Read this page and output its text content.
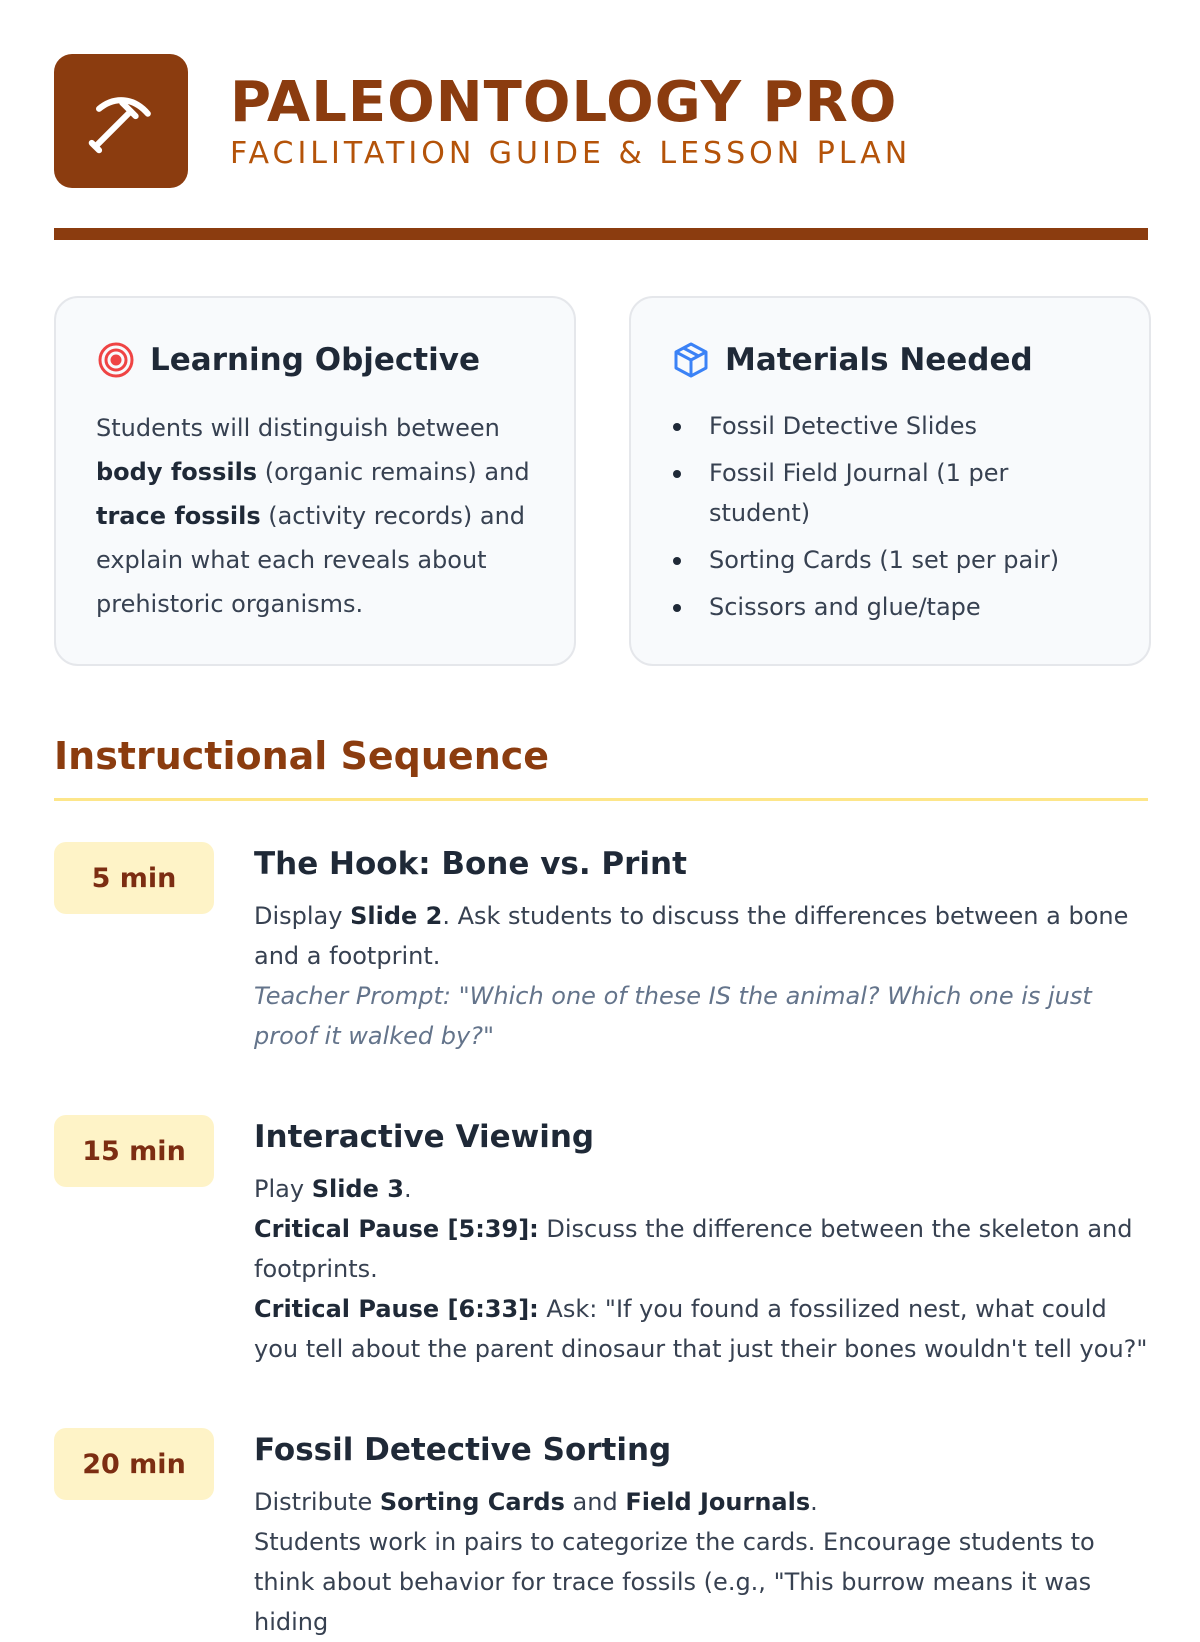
PALEONTOLOGY PRO
FACILITATION GUIDE & LESSON PLAN
Learning Objective

Students will distinguish between body fossils (organic remains) and trace fossils (activity records) and explain what each reveals about prehistoric organisms.

Materials Needed
Fossil Detective Slides
Fossil Field Journal (1 per student)
Sorting Cards (1 set per pair)
Scissors and glue/tape
Instructional Sequence
5 min	The Hook: Bone vs. Print

Display Slide 2. Ask students to discuss the differences between a bone and a footprint.
Teacher Prompt: "Which one of these IS the animal? Which one is just proof it walked by?"

15 min	Interactive Viewing

Play Slide 3.
Critical Pause [5:39]: Discuss the difference between the skeleton and footprints.
Critical Pause [6:33]: Ask: "If you found a fossilized nest, what could you tell about the parent dinosaur that just their bones wouldn't tell you?"

20 min	Fossil Detective Sorting

Distribute Sorting Cards and Field Journals.
Students work in pairs to categorize the cards. Encourage students to think about behavior for trace fossils (e.g., "This burrow means it was hiding
